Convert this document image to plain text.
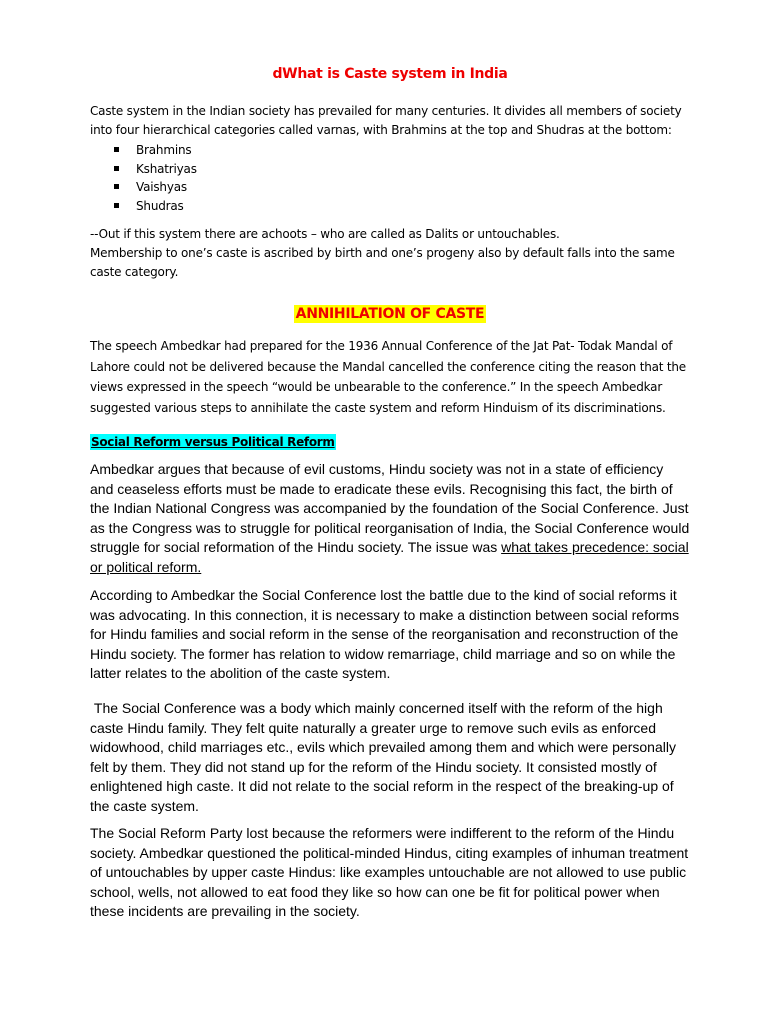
dWhat is Caste system in India

Caste system in the Indian society has prevailed for many centuries. It divides all members of society into four hierarchical categories called varnas, with Brahmins at the top and Shudras at the bottom:

Brahmins
Kshatriyas
Vaishyas
Shudras

--Out if this system there are achoots – who are called as Dalits or untouchables.

Membership to one’s caste is ascribed by birth and one’s progeny also by default falls into the same caste category.

ANNIHILATION OF CASTE

The speech Ambedkar had prepared for the 1936 Annual Conference of the Jat Pat- Todak Mandal of Lahore could not be delivered because the Mandal cancelled the conference citing the reason that the views expressed in the speech “would be unbearable to the conference.” In the speech Ambedkar suggested various steps to annihilate the caste system and reform Hinduism of its discriminations.

Social Reform versus Political Reform

Ambedkar argues that because of evil customs, Hindu society was not in a state of efficiency and ceaseless efforts must be made to eradicate these evils. Recognising this fact, the birth of the Indian National Congress was accompanied by the foundation of the Social Conference. Just as the Congress was to struggle for political reorganisation of India, the Social Conference would struggle for social reformation of the Hindu society. The issue was what takes precedence: social or political reform.

According to Ambedkar the Social Conference lost the battle due to the kind of social reforms it was advocating. In this connection, it is necessary to make a distinction between social reforms for Hindu families and social reform in the sense of the reorganisation and reconstruction of the Hindu society. The former has relation to widow remarriage, child marriage and so on while the latter relates to the abolition of the caste system.

The Social Conference was a body which mainly concerned itself with the reform of the high caste Hindu family. They felt quite naturally a greater urge to remove such evils as enforced widowhood, child marriages etc., evils which prevailed among them and which were personally felt by them. They did not stand up for the reform of the Hindu society. It consisted mostly of enlightened high caste. It did not relate to the social reform in the respect of the breaking-up of the caste system.

The Social Reform Party lost because the reformers were indifferent to the reform of the Hindu society. Ambedkar questioned the political-minded Hindus, citing examples of inhuman treatment of untouchables by upper caste Hindus: like examples untouchable are not allowed to use public school, wells, not allowed to eat food they like so how can one be fit for political power when these incidents are prevailing in the society.
